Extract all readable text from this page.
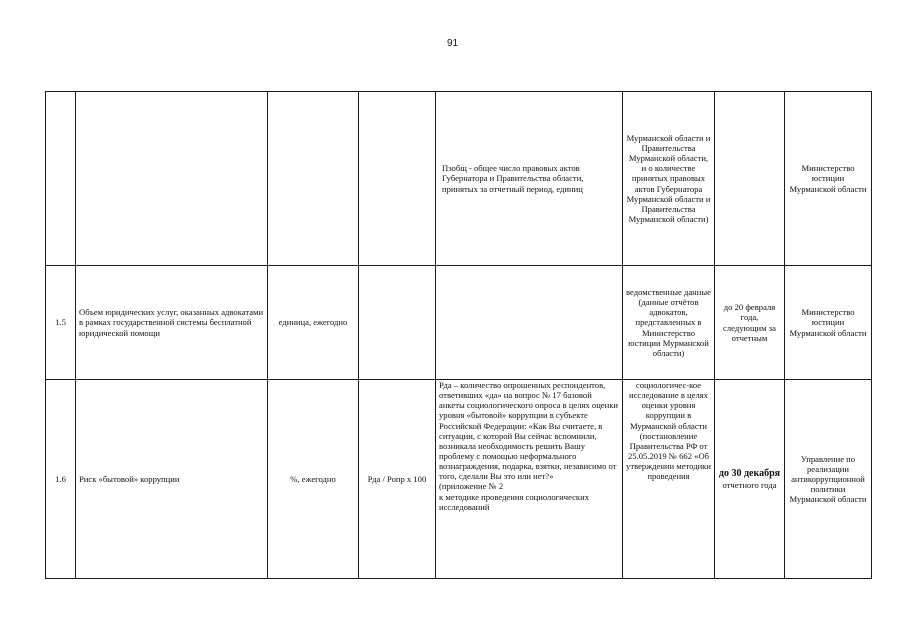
91
				Пзобщ - общее число правовых актов Губернатора и Правительства области, принятых за отчетный период, единиц	Мурманской области и Правительства Мурманской области, и о количестве принятых правовых актов Губернатора Мурманской области и Правительства Мурманской области)		Министерство юстиции Мурманской области
1.5	Объем юридических услуг, оказанных адвокатами в рамках государственной системы бесплатной юридической помощи	единица, ежегодно			ведомственные данные (данные отчётов адвокатов, представленных в Министерство юстиции Мурманской области)	до 20 февраля года, следующим за отчетным	Министерство юстиции Мурманской области
1.6	Риск «бытовой» коррупции	%, ежегодно	Рда / Ропр х 100	Рда – количество опрошенных респондентов, ответивших «да» на вопрос № 17 базовой анкеты социологического опроса в целях оценки уровня «бытовой» коррупции в субъекте Российской Федерации: «Как Вы считаете, в ситуации, с которой Вы сейчас вспомнили, возникала необходимость решить Вашу проблему с помощью неформального вознаграждения, подарка, взятки, независимо от того, сделали Вы это или нет?»
(приложение № 2
к методике проведения социологических исследований	социологичес-кое исследование в целях оценки уровня коррупции в Мурманской области (постановление Правительства РФ от 25.05.2019 № 662 «Об утверждении методики проведения	до 30 декабря
отчетного года	Управление по реализации антикоррупционной политики Мурманской области
